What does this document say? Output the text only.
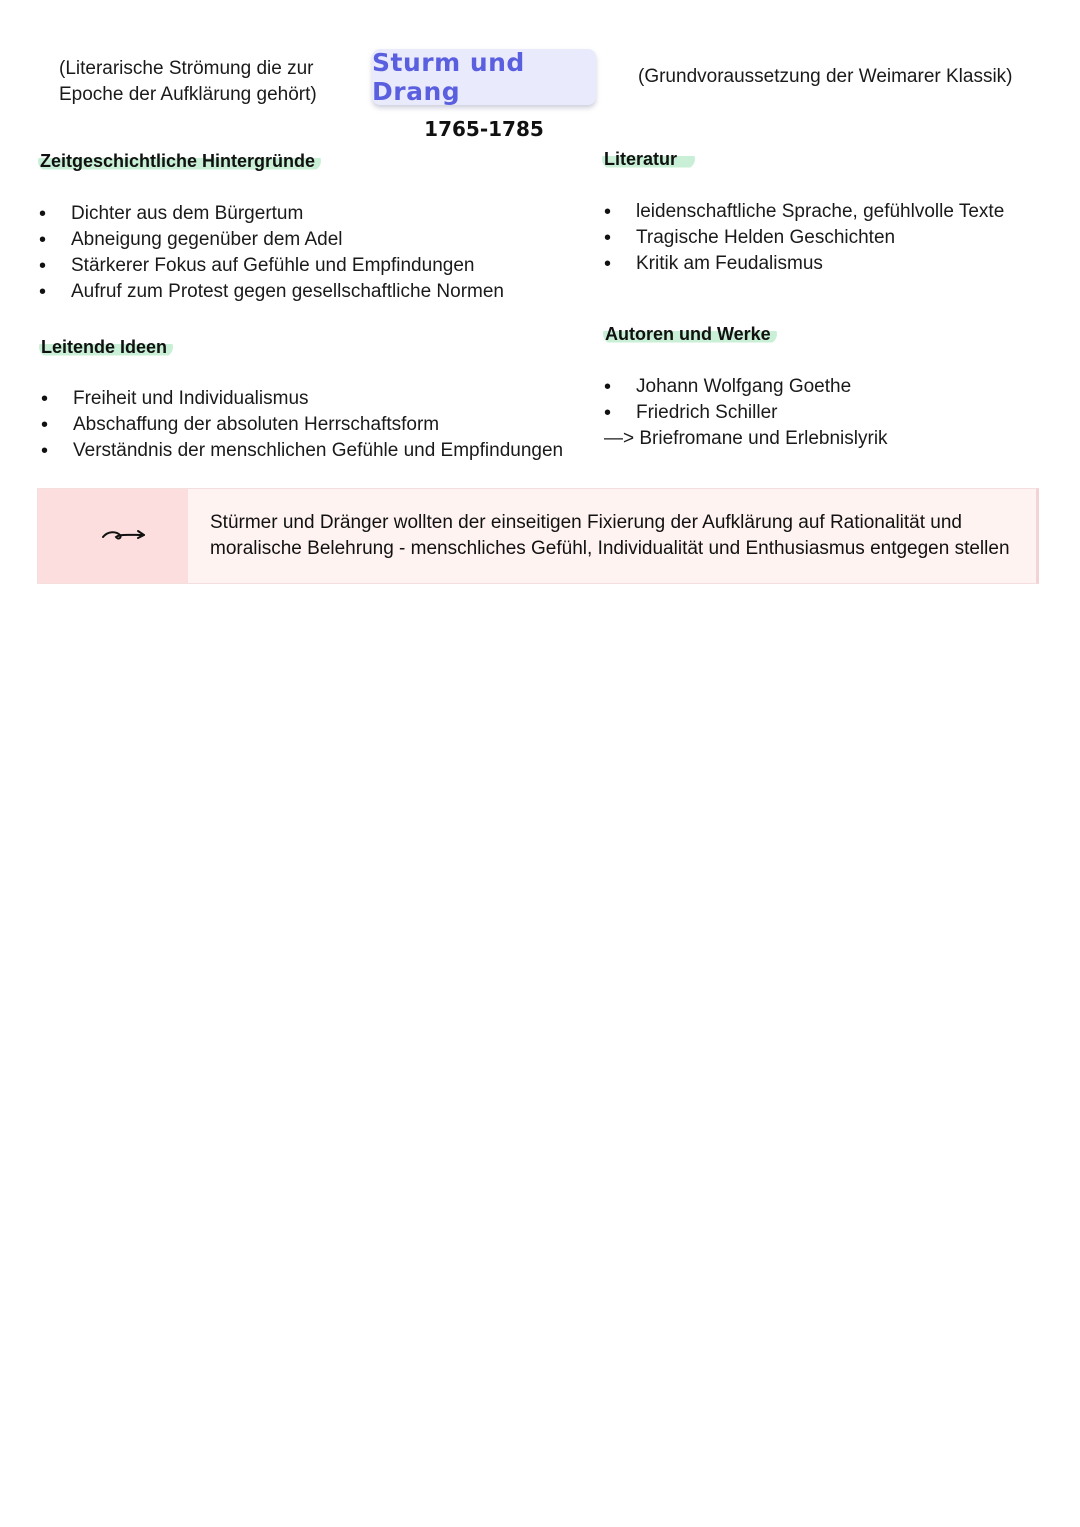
(Literarische Strömung die zur Epoche der Aufklärung gehört)
Sturm und Drang
1765-1785
(Grundvoraussetzung der Weimarer Klassik)
Zeitgeschichtliche Hintergründe
• Dichter aus dem Bürgertum
• Abneigung gegenüber dem Adel
• Stärkerer Fokus auf Gefühle und Empfindungen
• Aufruf zum Protest gegen gesellschaftliche Normen
Leitende Ideen
• Freiheit und Individualismus
• Abschaffung der absoluten Herrschaftsform
• Verständnis der menschlichen Gefühle und Empfindungen
Literatur
• leidenschaftliche Sprache, gefühlvolle Texte
• Tragische Helden Geschichten
• Kritik am Feudalismus
Autoren und Werke
• Johann Wolfgang Goethe
• Friedrich Schiller
—> Briefromane und Erlebnislyrik
Stürmer und Dränger wollten der einseitigen Fixierung der Aufklärung auf Rationalität und moralische Belehrung - menschliches Gefühl, Individualität und Enthusiasmus entgegen stellen
